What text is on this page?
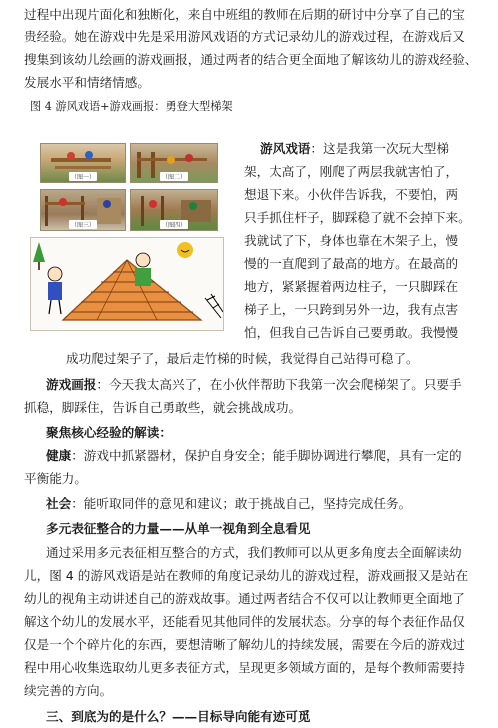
过程中出现片面化和独断化，来自中班组的教师在后期的研讨中分享了自己的宝
贵经验。她在游戏中先是采用游风戏语的方式记录幼儿的游戏过程，在游戏后又
搜集到该幼儿绘画的游戏画报，通过两者的结合更全面地了解该幼儿的游戏经验、
发展水平和情绪情感。
图 4 游风戏语+游戏画报：勇登大型梯架
（图一）	（图二）
（图三）	（图四）
游风戏语：这是我第一次玩大型梯
架，太高了，刚爬了两层我就害怕了，
想退下来。小伙伴告诉我，不要怕，两
只手抓住杆子，脚踩稳了就不会掉下来。
我就试了下，身体也靠在木架子上，慢
慢的一直爬到了最高的地方。在最高的
地方，紧紧握着两边柱子，一只脚踩在
梯子上，一只跨到另外一边，我有点害
怕，但我自己告诉自己要勇敢。我慢慢
成功爬过架子了，最后走竹梯的时候，我觉得自己站得可稳了。
游戏画报：今天我太高兴了，在小伙伴帮助下我第一次会爬梯架了。只要手
抓稳，脚踩住，告诉自己勇敢些，就会挑战成功。
聚焦核心经验的解读：
健康：游戏中抓紧器材，保护自身安全；能手脚协调进行攀爬，具有一定的
平衡能力。
社会：能听取同伴的意见和建议；敢于挑战自己，坚持完成任务。
多元表征整合的力量——从单一视角到全息看见
通过采用多元表征相互整合的方式，我们教师可以从更多角度去全面解读幼
儿，图 4 的游风戏语是站在教师的角度记录幼儿的游戏过程，游戏画报又是站在
幼儿的视角主动讲述自己的游戏故事。通过两者结合不仅可以让教师更全面地了
解这个幼儿的发展水平，还能看见其他同伴的发展状态。分享的每个表征作品仅
仅是一个个碎片化的东西，要想清晰了解幼儿的持续发展，需要在今后的游戏过
程中用心收集选取幼儿更多表征方式，呈现更多领域方面的，是每个教师需要持
续完善的方向。
三、到底为的是什么？——目标导向能有迹可觅
